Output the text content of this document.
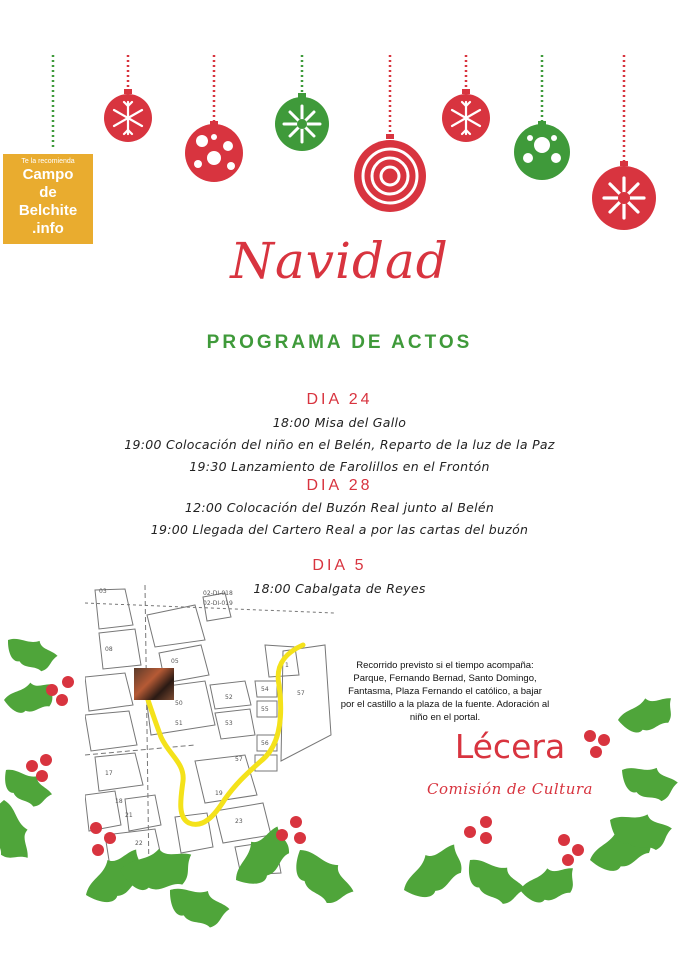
Te la recomienda
Campo
de
Belchite
.info
Navidad
PROGRAMA DE ACTOS
DIA 24
18:00 Misa del Gallo
19:00 Colocación del niño en el Belén, Reparto de la luz de la Paz
19:30 Lanzamiento de Farolillos en el Frontón
DIA 28
12:00 Colocación del Buzón Real junto al Belén
19:00 Llegada del Cartero Real a por las cartas del buzón
DIA 5
18:00 Cabalgata de Reyes
02-DI-018
02-DI-019
03
08
05
50
51
52
53
54
55
56
57
57
17
18
19
23
21
22
1	Recorrido previsto si el tiempo acompaña: Parque, Fernando Bernad, Santo Domingo, Fantasma, Plaza Fernando el católico, a bajar por el castillo a la plaza de la fuente. Adoración al niño en el portal.
Lécera
Comisión de Cultura
